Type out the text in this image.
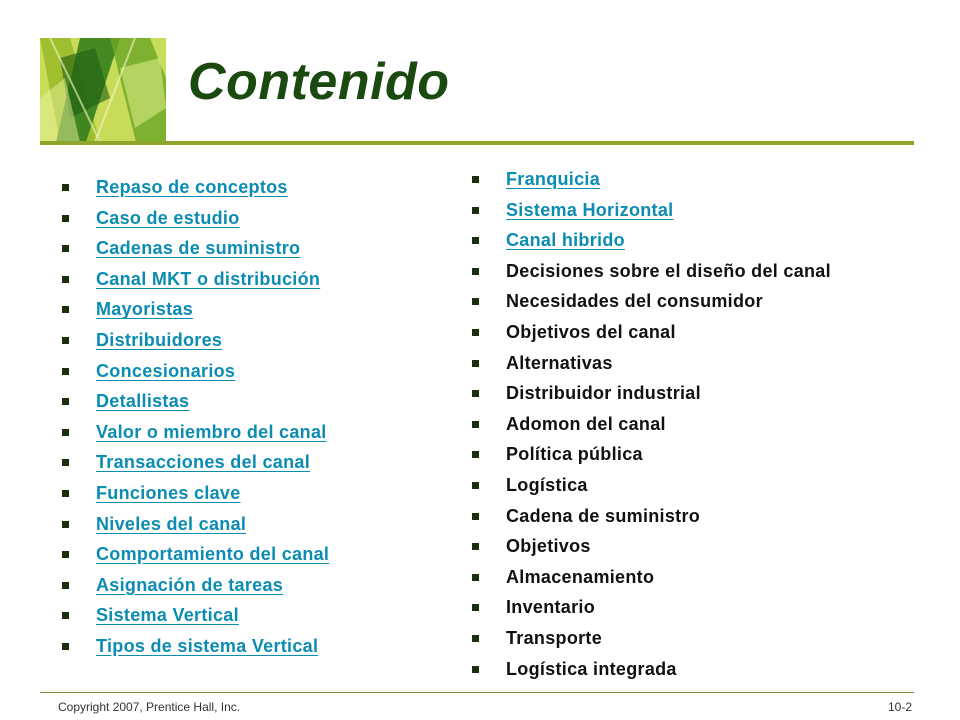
Contenido
Repaso de conceptos
Caso de estudio
Cadenas de suministro
Canal MKT o distribución
Mayoristas
Distribuidores
Concesionarios
Detallistas
Valor o miembro del canal
Transacciones del canal
Funciones clave
Niveles del canal
Comportamiento del canal
Asignación de tareas
Sistema Vertical
Tipos de sistema Vertical
Franquicia
Sistema Horizontal
Canal hibrido
Decisiones sobre el diseño del canal
Necesidades del consumidor
Objetivos del canal
Alternativas
Distribuidor industrial
Adomon del canal
Política pública
Logística
Cadena de suministro
Objetivos
Almacenamiento
Inventario
Transporte
Logística integrada
Copyright 2007, Prentice Hall, Inc.	10-2
